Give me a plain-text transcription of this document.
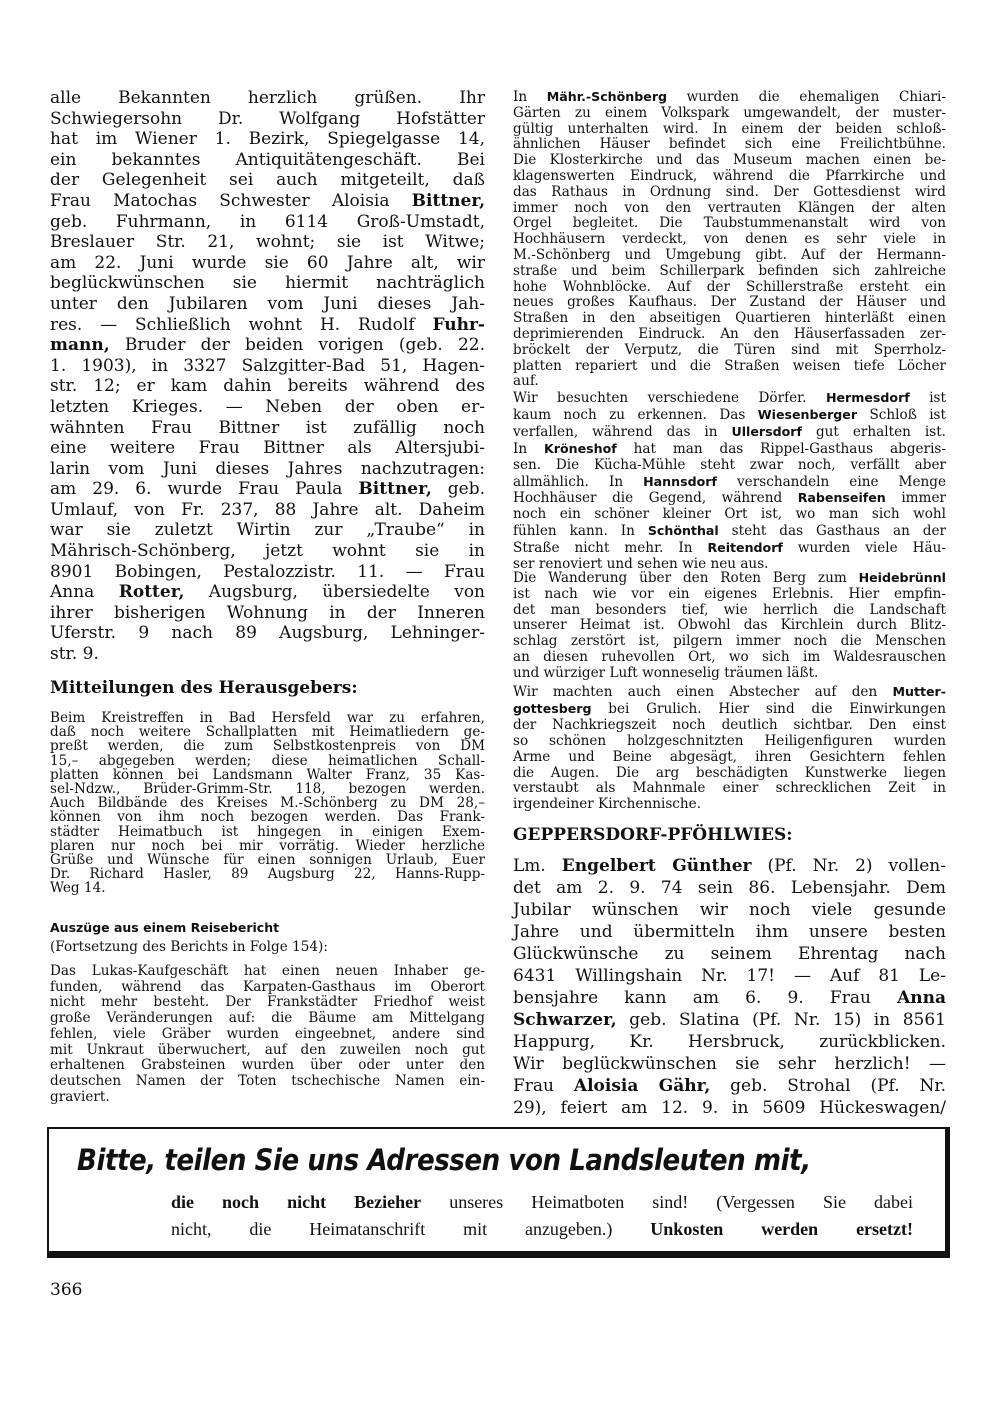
alle Bekannten herzlich grüßen. Ihr
Schwiegersohn Dr. Wolfgang Hofstätter
hat im Wiener 1. Bezirk, Spiegelgasse 14,
ein bekanntes Antiquitätengeschäft. Bei
der Gelegenheit sei auch mitgeteilt, daß
Frau Matochas Schwester Aloisia Bittner,
geb. Fuhrmann, in 6114 Groß-Umstadt,
Breslauer Str. 21, wohnt; sie ist Witwe;
am 22. Juni wurde sie 60 Jahre alt, wir
beglückwünschen sie hiermit nachträglich
unter den Jubilaren vom Juni dieses Jah-
res. — Schließlich wohnt H. Rudolf Fuhr-
mann, Bruder der beiden vorigen (geb. 22.
1. 1903), in 3327 Salzgitter-Bad 51, Hagen-
str. 12; er kam dahin bereits während des
letzten Krieges. — Neben der oben er-
wähnten Frau Bittner ist zufällig noch
eine weitere Frau Bittner als Altersjubi-
larin vom Juni dieses Jahres nachzutragen:
am 29. 6. wurde Frau Paula Bittner, geb.
Umlauf, von Fr. 237, 88 Jahre alt. Daheim
war sie zuletzt Wirtin zur „Traube“ in
Mährisch-Schönberg, jetzt wohnt sie in
8901 Bobingen, Pestalozzistr. 11. — Frau
Anna Rotter, Augsburg, übersiedelte von
ihrer bisherigen Wohnung in der Inneren
Uferstr. 9 nach 89 Augsburg, Lehninger-
str. 9.
Mitteilungen des Herausgebers:
Beim Kreistreffen in Bad Hersfeld war zu erfahren,
daß noch weitere Schallplatten mit Heimatliedern ge-
preßt werden, die zum Selbstkostenpreis von DM
15,– abgegeben werden; diese heimatlichen Schall-
platten können bei Landsmann Walter Franz, 35 Kas-
sel-Ndzw., Brüder-Grimm-Str. 118, bezogen werden.
Auch Bildbände des Kreises M.-Schönberg zu DM 28,–
können von ihm noch bezogen werden. Das Frank-
städter Heimatbuch ist hingegen in einigen Exem-
plaren nur noch bei mir vorrätig. Wieder herzliche
Grüße und Wünsche für einen sonnigen Urlaub, Euer
Dr. Richard Hasler, 89 Augsburg 22, Hanns-Rupp-
Weg 14.
Auszüge aus einem Reisebericht
(Fortsetzung des Berichts in Folge 154):
Das Lukas-Kaufgeschäft hat einen neuen Inhaber ge-
funden, während das Karpaten-Gasthaus im Oberort
nicht mehr besteht. Der Frankstädter Friedhof weist
große Veränderungen auf: die Bäume am Mittelgang
fehlen, viele Gräber wurden eingeebnet, andere sind
mit Unkraut überwuchert, auf den zuweilen noch gut
erhaltenen Grabsteinen wurden über oder unter den
deutschen Namen der Toten tschechische Namen ein-
graviert.
In Mähr.-Schönberg wurden die ehemaligen Chiari-
Gärten zu einem Volkspark umgewandelt, der muster-
gültig unterhalten wird. In einem der beiden schloß-
ähnlichen Häuser befindet sich eine Freilichtbühne.
Die Klosterkirche und das Museum machen einen be-
klagenswerten Eindruck, während die Pfarrkirche und
das Rathaus in Ordnung sind. Der Gottesdienst wird
immer noch von den vertrauten Klängen der alten
Orgel begleitet. Die Taubstummenanstalt wird von
Hochhäusern verdeckt, von denen es sehr viele in
M.-Schönberg und Umgebung gibt. Auf der Hermann-
straße und beim Schillerpark befinden sich zahlreiche
hohe Wohnblöcke. Auf der Schillerstraße ersteht ein
neues großes Kaufhaus. Der Zustand der Häuser und
Straßen in den abseitigen Quartieren hinterläßt einen
deprimierenden Eindruck. An den Häuserfassaden zer-
bröckelt der Verputz, die Türen sind mit Sperrholz-
platten repariert und die Straßen weisen tiefe Löcher
auf.
Wir besuchten verschiedene Dörfer. Hermesdorf ist
kaum noch zu erkennen. Das Wiesenberger Schloß ist
verfallen, während das in Ullersdorf gut erhalten ist.
In Kröneshof hat man das Rippel-Gasthaus abgeris-
sen. Die Kücha-Mühle steht zwar noch, verfällt aber
allmählich. In Hannsdorf verschandeln eine Menge
Hochhäuser die Gegend, während Rabenseifen immer
noch ein schöner kleiner Ort ist, wo man sich wohl
fühlen kann. In Schönthal steht das Gasthaus an der
Straße nicht mehr. In Reitendorf wurden viele Häu-
ser renoviert und sehen wie neu aus.
Die Wanderung über den Roten Berg zum Heidebrünnl
ist nach wie vor ein eigenes Erlebnis. Hier empfin-
det man besonders tief, wie herrlich die Landschaft
unserer Heimat ist. Obwohl das Kirchlein durch Blitz-
schlag zerstört ist, pilgern immer noch die Menschen
an diesen ruhevollen Ort, wo sich im Waldesrauschen
und würziger Luft wonneselig träumen läßt.
Wir machten auch einen Abstecher auf den Mutter-
gottesberg bei Grulich. Hier sind die Einwirkungen
der Nachkriegszeit noch deutlich sichtbar. Den einst
so schönen holzgeschnitzten Heiligenfiguren wurden
Arme und Beine abgesägt, ihren Gesichtern fehlen
die Augen. Die arg beschädigten Kunstwerke liegen
verstaubt als Mahnmale einer schrecklichen Zeit in
irgendeiner Kirchennische.
GEPPERSDORF-PFÖHLWIES:
Lm. Engelbert Günther (Pf. Nr. 2) vollen-
det am 2. 9. 74 sein 86. Lebensjahr. Dem
Jubilar wünschen wir noch viele gesunde
Jahre und übermitteln ihm unsere besten
Glückwünsche zu seinem Ehrentag nach
6431 Willingshain Nr. 17! — Auf 81 Le-
bensjahre kann am 6. 9. Frau Anna
Schwarzer, geb. Slatina (Pf. Nr. 15) in 8561
Happurg, Kr. Hersbruck, zurückblicken.
Wir beglückwünschen sie sehr herzlich! —
Frau Aloisia Gähr, geb. Strohal (Pf. Nr.
29), feiert am 12. 9. in 5609 Hückeswagen/
Bitte, teilen Sie uns Adressen von Landsleuten mit,
die noch nicht Bezieher unseres Heimatboten sind! (Vergessen Sie dabei
nicht, die Heimatanschrift mit anzugeben.) Unkosten werden ersetzt!
366
